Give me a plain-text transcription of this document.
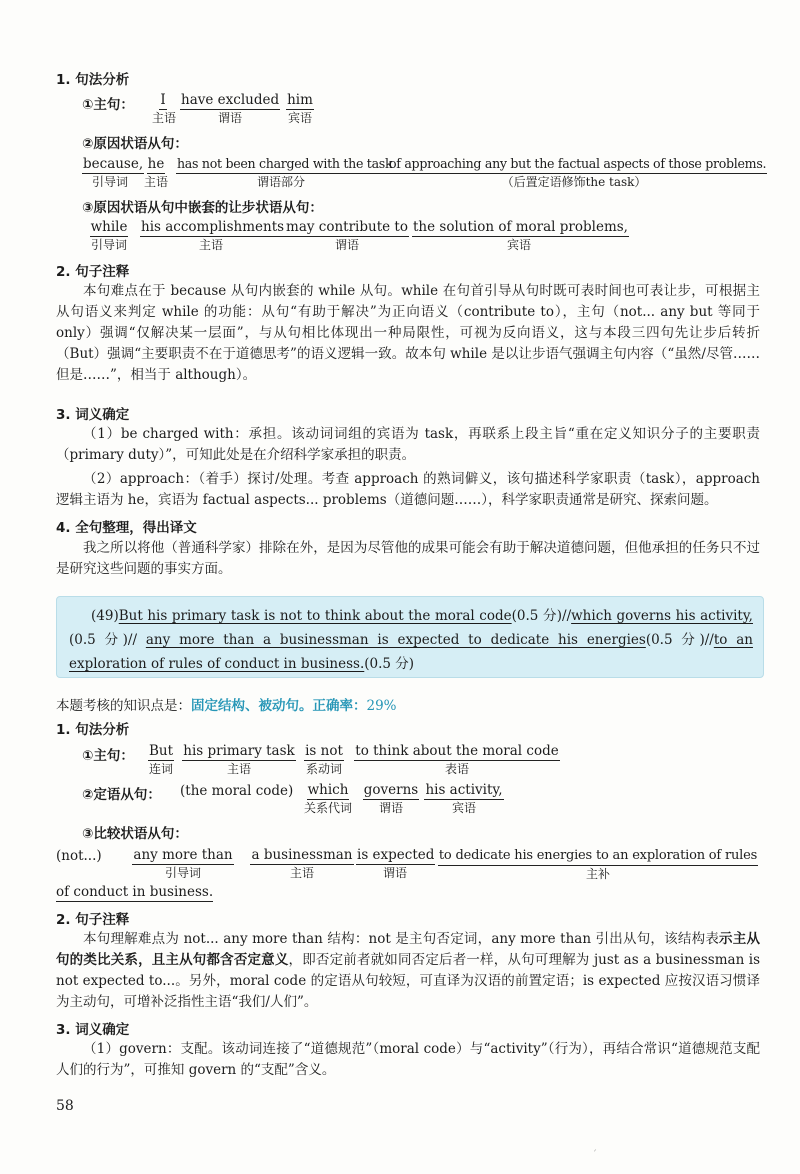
1. 句法分析
①主句：	I
主语
have excluded
谓语
him
宾语
②原因状语从句：
because,
引导词
he
主语
has not been charged with the task
谓语部分
of approaching any but the factual aspects of those problems.
（后置定语修饰the task）
③原因状语从句中嵌套的让步状语从句：
while
引导词
his accomplishments
主语
may contribute to
谓语
the solution of moral problems,
宾语
2. 句子注释
本句难点在于 because 从句内嵌套的 while 从句。while 在句首引导从句时既可表时间也可表让步，可根据主从句语义来判定 while 的功能：从句“有助于解决”为正向语义（contribute to），主句（not... any but 等同于 only）强调“仅解决某一层面”，与从句相比体现出一种局限性，可视为反向语义，这与本段三四句先让步后转折（But）强调“主要职责不在于道德思考”的语义逻辑一致。故本句 while 是以让步语气强调主句内容（“虽然/尽管……但是……”，相当于 although）。
3. 词义确定
（1）be charged with：承担。该动词词组的宾语为 task，再联系上段主旨“重在定义知识分子的主要职责（primary duty）”，可知此处是在介绍科学家承担的职责。
（2）approach：（着手）探讨/处理。考查 approach 的熟词僻义，该句描述科学家职责（task），approach 逻辑主语为 he，宾语为 factual aspects... problems（道德问题……），科学家职责通常是研究、探索问题。
4. 全句整理，得出译文
我之所以将他（普通科学家）排除在外，是因为尽管他的成果可能会有助于解决道德问题，但他承担的任务只不过是研究这些问题的事实方面。

(49)But his primary task is not to think about the moral code(0.5 分)//which governs his activity,(0.5 分)// any more than a businessman is expected to dedicate his energies(0.5 分)//to an exploration of rules of conduct in business.(0.5 分)

本题考核的知识点是：固定结构、被动句。正确率：29%
1. 句法分析
①主句：	But
连词
his primary task
主语
is not
系动词
to think about the moral code
表语
②定语从句： (the moral code)	which
关系代词
governs
谓语
his activity,
宾语
③比较状语从句：
(not...)	any more than
引导词
a businessman
主语
is expected
谓语
to dedicate his energies to an exploration of rules
主补
of conduct in business.
2. 句子注释
本句理解难点为 not... any more than 结构：not 是主句否定词，any more than 引出从句，该结构表示主从句的类比关系，且主从句都含否定意义，即否定前者就如同否定后者一样，从句可理解为 just as a businessman is not expected to...。另外，moral code 的定语从句较短，可直译为汉语的前置定语；is expected 应按汉语习惯译为主动句，可增补泛指性主语“我们/人们”。
3. 词义确定
（1）govern：支配。该动词连接了“道德规范”（moral code）与“activity”（行为），再结合常识“道德规范支配人们的行为”，可推知 govern 的“支配”含义。
58
ˊ
